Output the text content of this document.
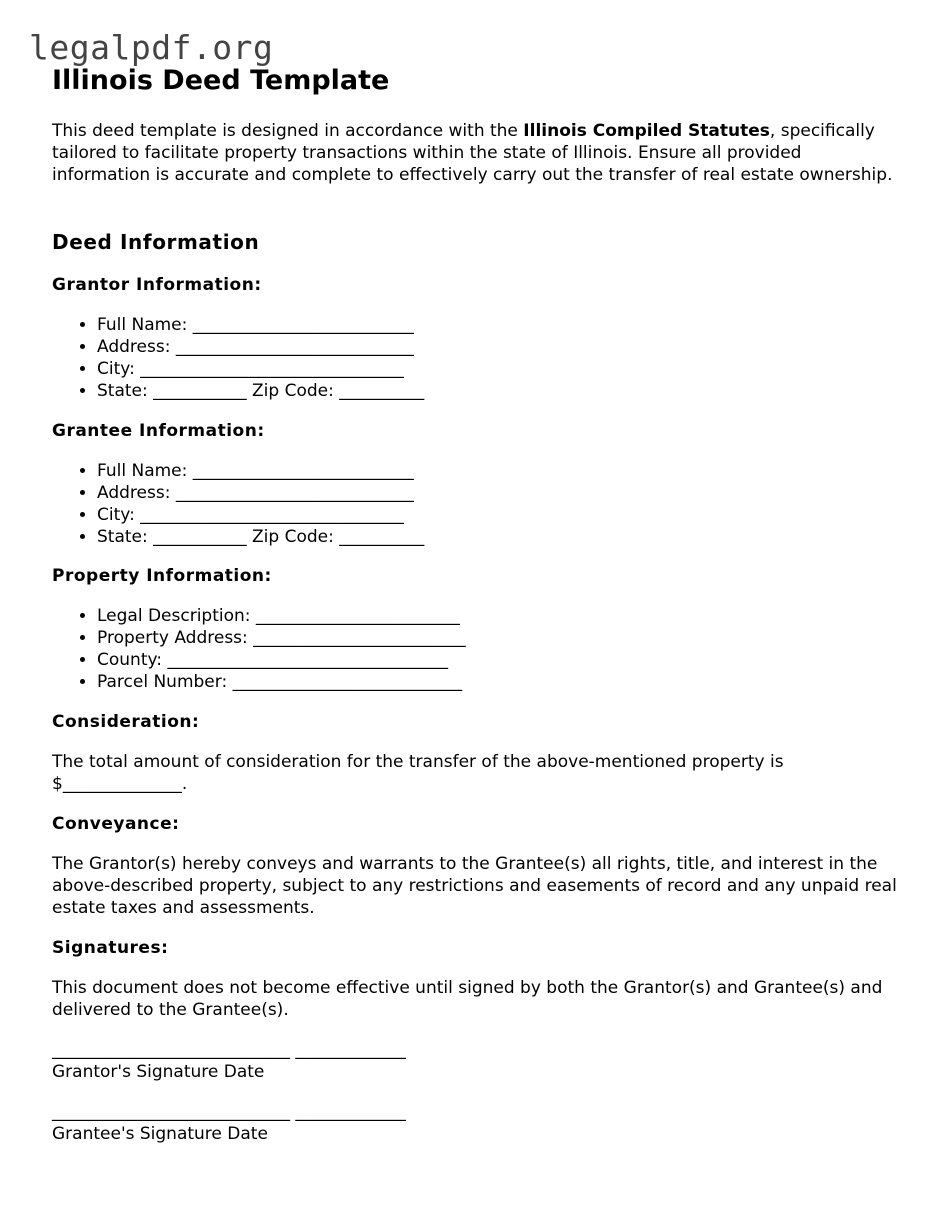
legalpdf.org
Illinois Deed Template

This deed template is designed in accordance with the Illinois Compiled Statutes, specifically tailored to facilitate property transactions within the state of Illinois. Ensure all provided information is accurate and complete to effectively carry out the transfer of real estate ownership.

Deed Information
Grantor Information:
• Full Name: __________________________
• Address: ____________________________
• City: _______________________________
• State: ___________ Zip Code: __________
Grantee Information:
• Full Name: __________________________
• Address: ____________________________
• City: _______________________________
• State: ___________ Zip Code: __________
Property Information:
• Legal Description: ________________________
• Property Address: _________________________
• County: _________________________________
• Parcel Number: ___________________________
Consideration:

The total amount of consideration for the transfer of the above-mentioned property is $______________.

Conveyance:

The Grantor(s) hereby conveys and warrants to the Grantee(s) all rights, title, and interest in the above-described property, subject to any restrictions and easements of record and any unpaid real estate taxes and assessments.

Signatures:

This document does not become effective until signed by both the Grantor(s) and Grantee(s) and delivered to the Grantee(s).

____________________________ _____________
Grantor's Signature Date
____________________________ _____________
Grantee's Signature Date
